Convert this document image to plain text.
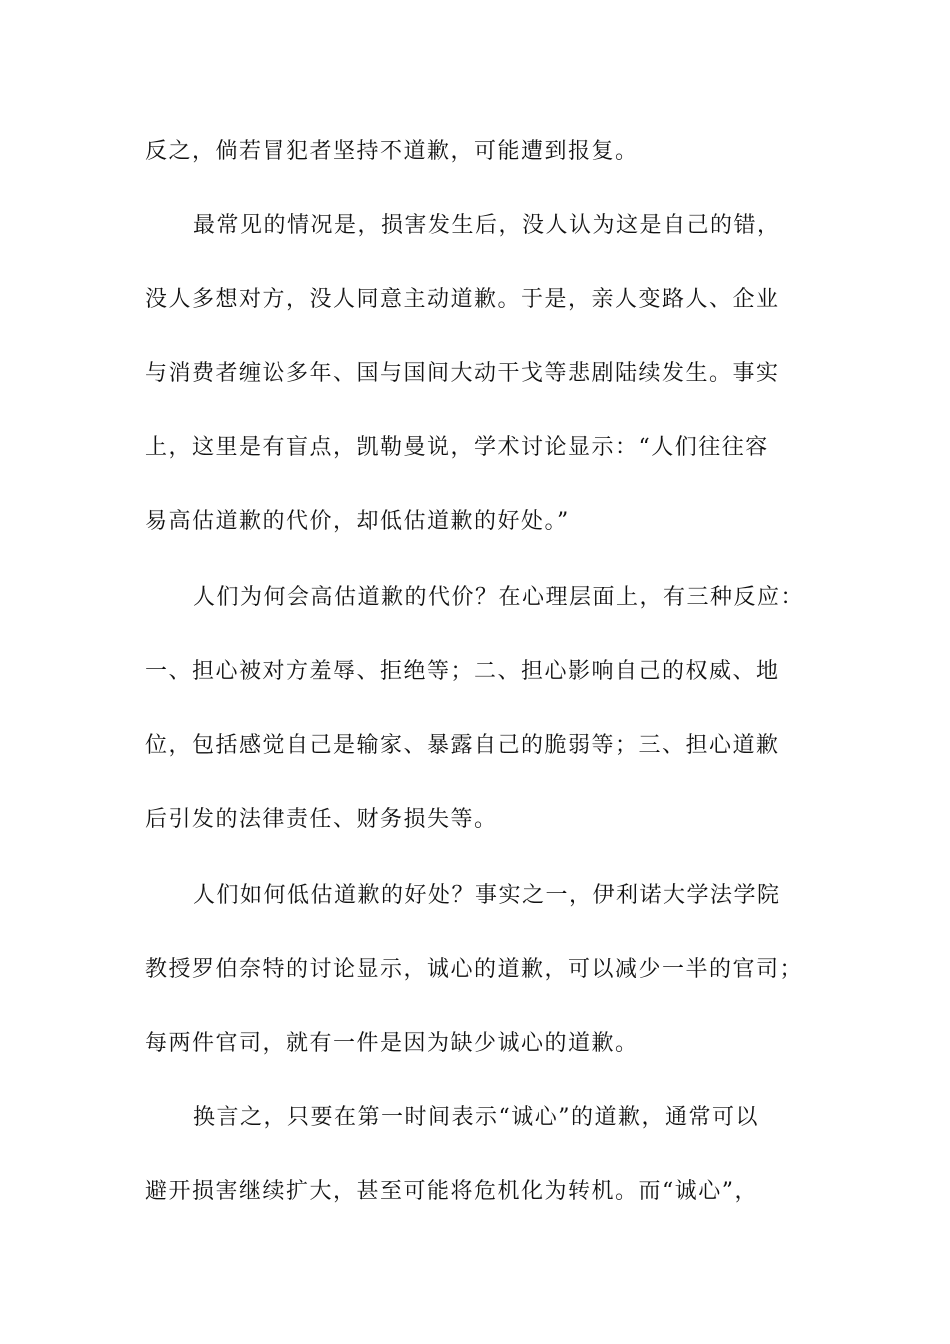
反之，倘若冒犯者坚持不道歉，可能遭到报复。
最常见的情况是，损害发生后，没人认为这是自己的错，
没人多想对方，没人同意主动道歉。于是，亲人变路人、企业
与消费者缠讼多年、国与国间大动干戈等悲剧陆续发生。事实
上，这里是有盲点，凯勒曼说，学术讨论显示：“人们往往容
易高估道歉的代价，却低估道歉的好处。”
人们为何会高估道歉的代价？在心理层面上，有三种反应：
一、担心被对方羞辱、拒绝等；二、担心影响自己的权威、地
位，包括感觉自己是输家、暴露自己的脆弱等；三、担心道歉
后引发的法律责任、财务损失等。
人们如何低估道歉的好处？事实之一，伊利诺大学法学院
教授罗伯奈特的讨论显示，诚心的道歉，可以减少一半的官司；
每两件官司，就有一件是因为缺少诚心的道歉。
换言之，只要在第一时间表示“诚心”的道歉，通常可以
避开损害继续扩大，甚至可能将危机化为转机。而“诚心”，
